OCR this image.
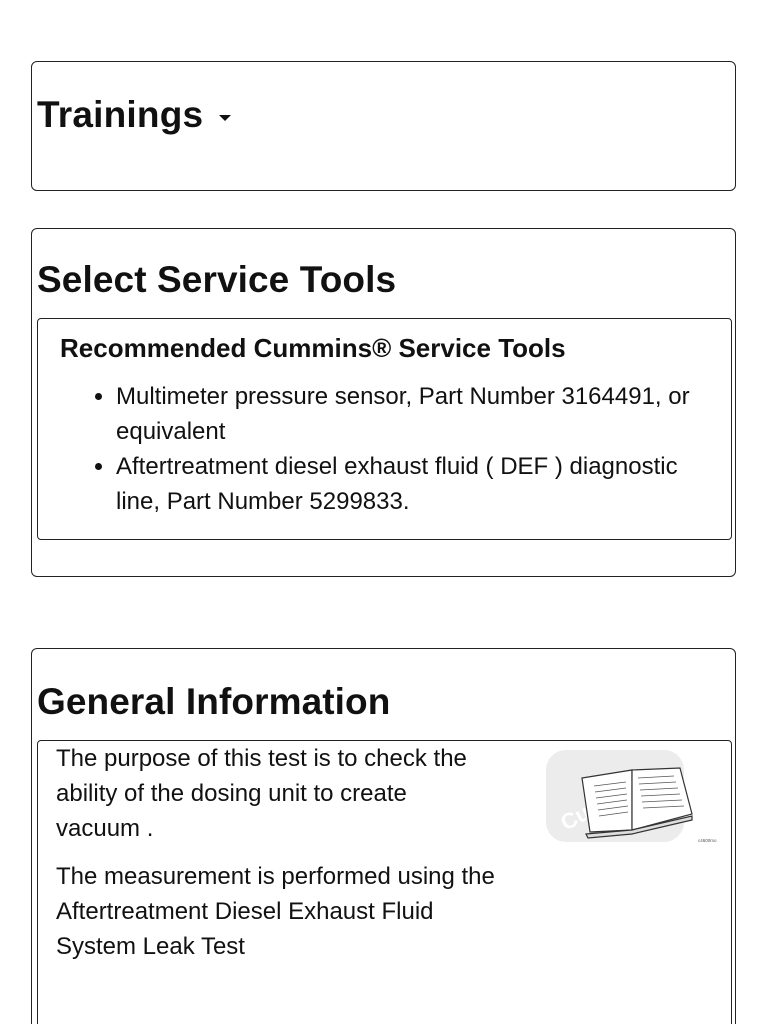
Trainings
Select Service Tools
Recommended Cummins® Service Tools
• Multimeter pressure sensor, Part Number 3164491, or equivalent
• Aftertreatment diesel exhaust fluid ( DEF ) diagnostic line, Part Number 5299833.
General Information

The purpose of this test is to check the ability of the dosing unit to create vacuum .

The measurement is performed using the Aftertreatment Diesel Exhaust Fluid System Leak Test

c4600mo
